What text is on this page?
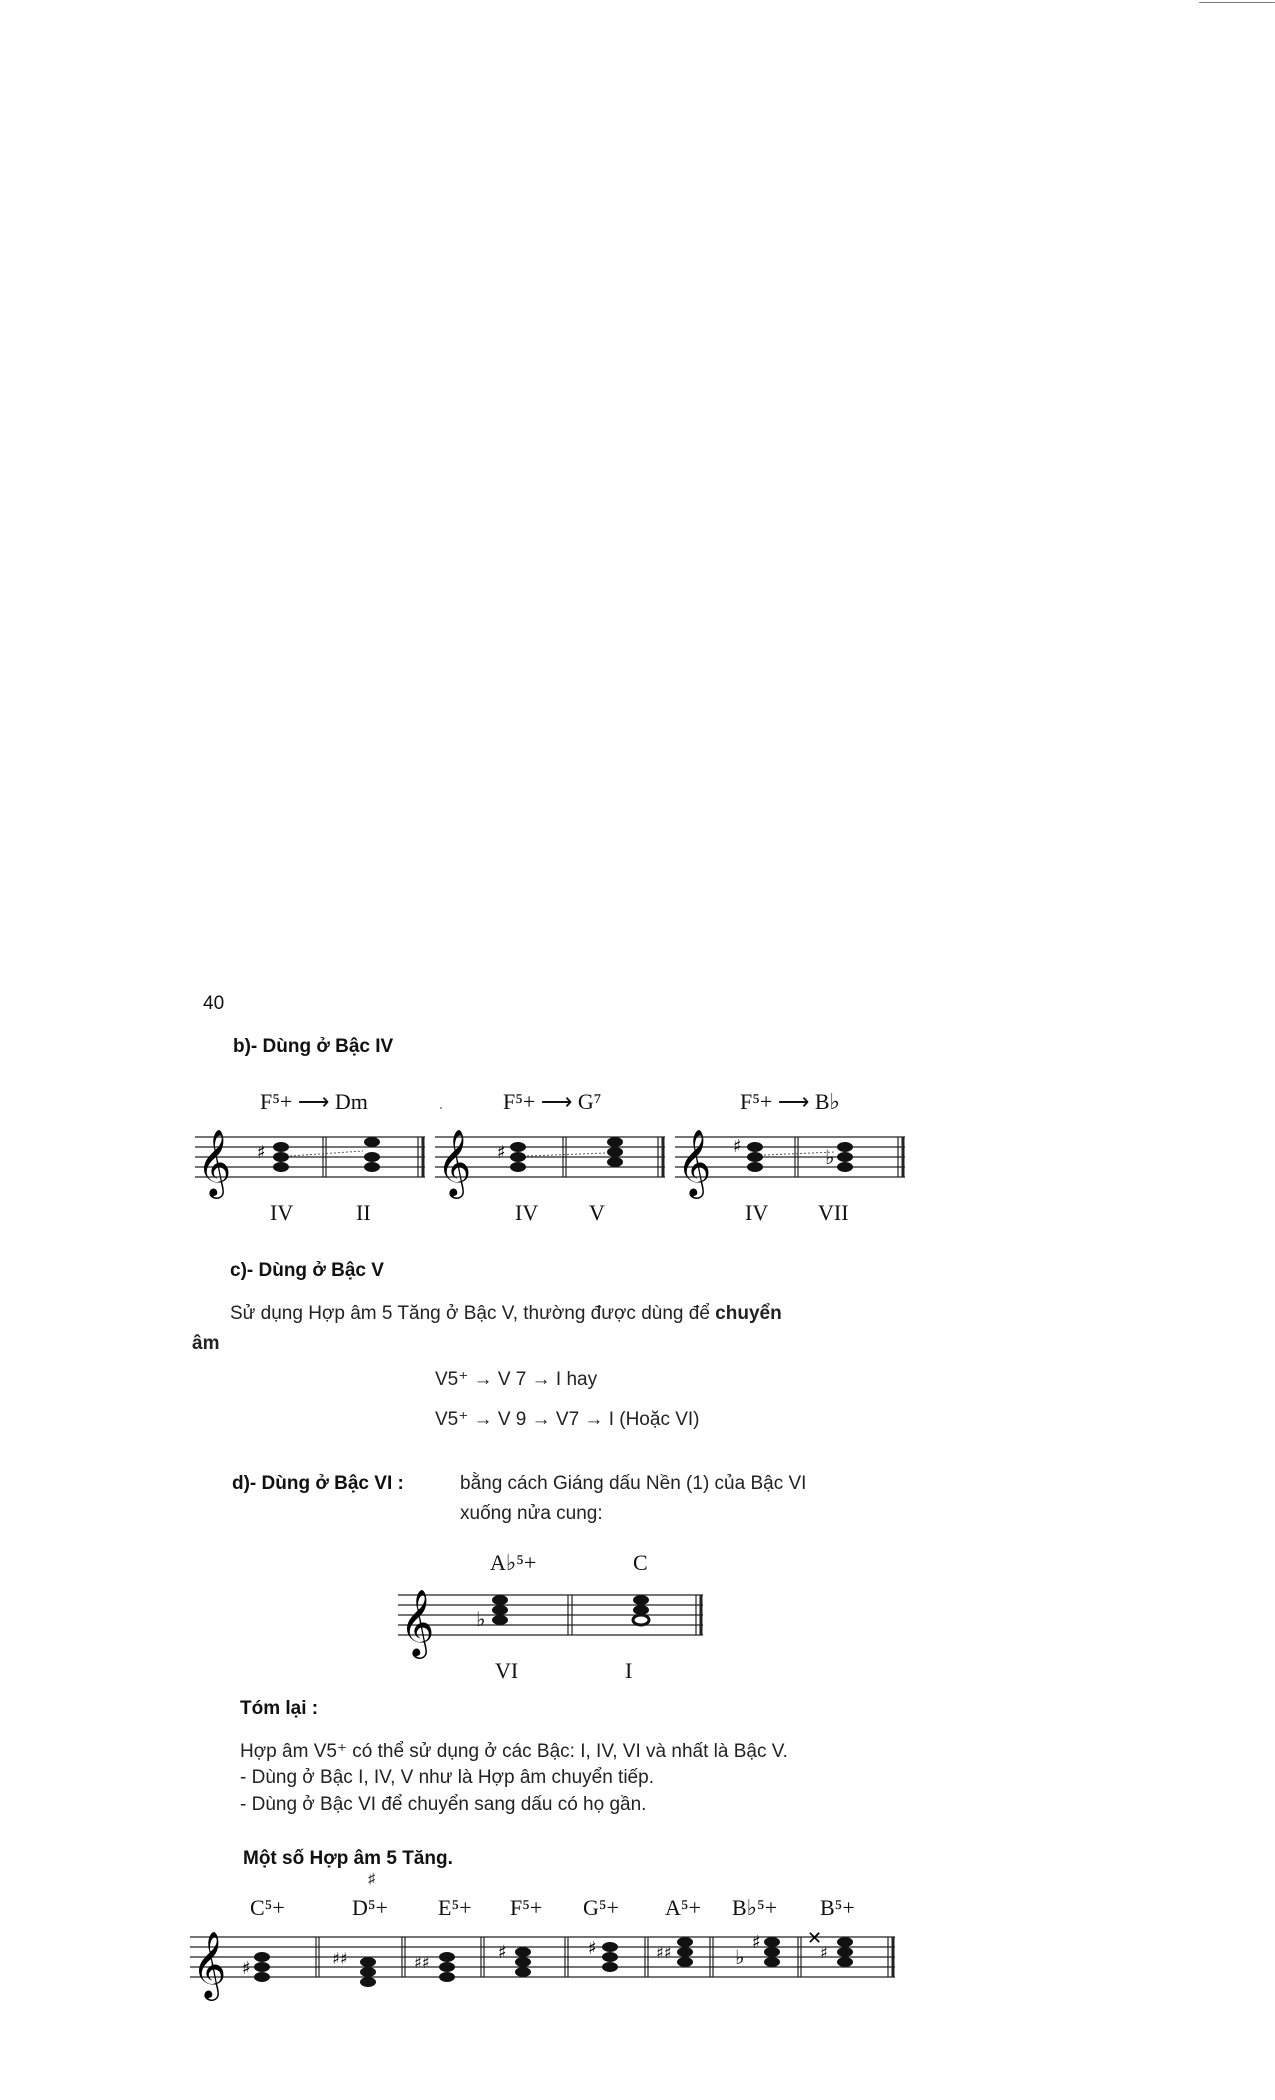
40
b)- Dùng ở Bậc IV
F⁵+ ⟶ Dm	F⁵+ ⟶ G⁷	F⁵+ ⟶ B♭
𝄞 ♯
IV	II
𝄞 ♯
IV V
𝄞 ♯	♭
IV VII
c)- Dùng ở Bậc V
Sử dụng Hợp âm 5 Tăng ở Bậc V, thường được dùng để chuyển
âm
V5⁺ → V 7 → I hay
V5⁺ → V 9 → V7 → I (Hoặc VI)
d)- Dùng ở Bậc VI :	bằng cách Giáng dấu Nền (1) của Bậc VI
xuống nửa cung:
A♭⁵+	C
𝄞 ♭
VI	I
Tóm lại :
Hợp âm V5⁺ có thể sử dụng ở các Bậc: I, IV, VI và nhất là Bậc V.
- Dùng ở Bậc I, IV, V như là Hợp âm chuyển tiếp.
- Dùng ở Bậc VI để chuyển sang dấu có họ gần.
Một số Hợp âm 5 Tăng.
♯
C⁵+	D⁵+ E⁵+ F⁵+ G⁵+ A⁵+ B♭⁵+ B⁵+
𝄞 ♯	♯♯	♯♯	♯	♯	♯♯	♭
♯	✕
♯
